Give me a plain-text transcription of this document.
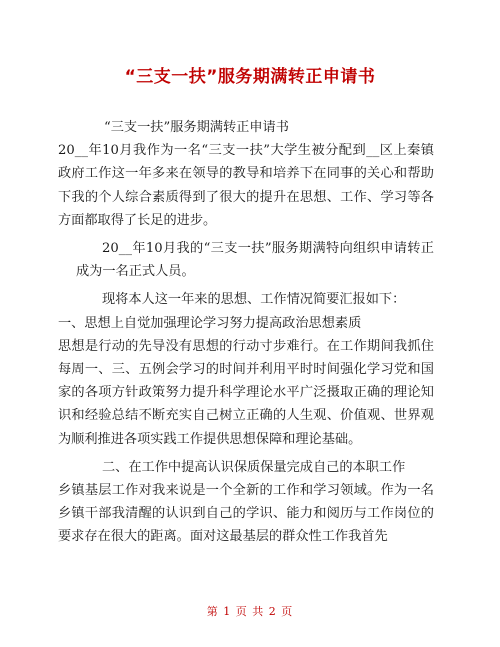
“三支一扶”服务期满转正申请书

“三支一扶”服务期满转正申请书

20__年10月我作为一名“三支一扶”大学生被分配到__区上秦镇政府工作这一年多来在领导的教导和培养下在同事的关心和帮助下我的个人综合素质得到了很大的提升在思想、工作、学习等各方面都取得了长足的进步。

20__年10月我的“三支一扶”服务期满特向组织申请转正成为一名正式人员。

现将本人这一年来的思想、工作情况简要汇报如下：

一、思想上自觉加强理论学习努力提高政治思想素质

思想是行动的先导没有思想的行动寸步难行。在工作期间我抓住每周一、三、五例会学习的时间并利用平时时间强化学习党和国家的各项方针政策努力提升科学理论水平广泛摄取正确的理论知识和经验总结不断充实自己树立正确的人生观、价值观、世界观为顺利推进各项实践工作提供思想保障和理论基础。

二、在工作中提高认识保质保量完成自己的本职工作

乡镇基层工作对我来说是一个全新的工作和学习领域。作为一名乡镇干部我清醒的认识到自己的学识、能力和阅历与工作岗位的要求存在很大的距离。面对这最基层的群众性工作我首先

第 1 页 共 2 页
